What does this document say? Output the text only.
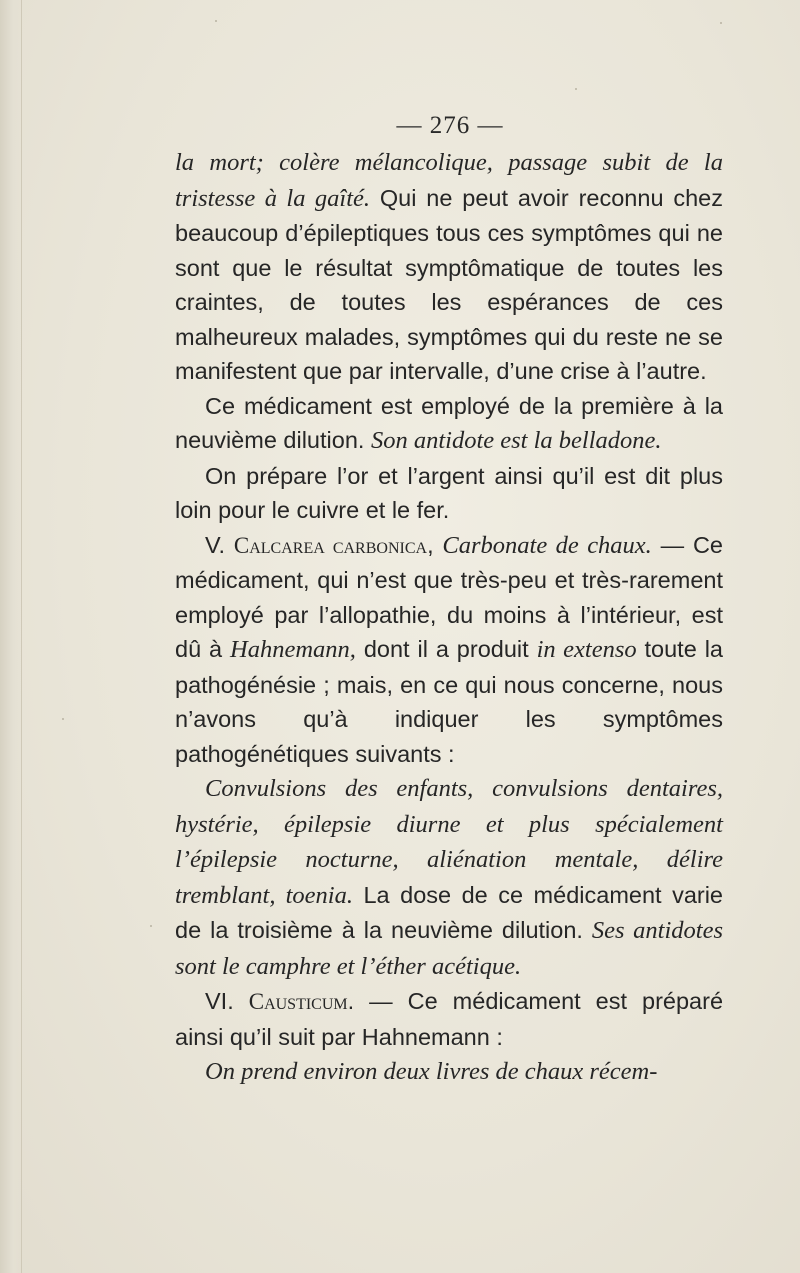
— 276 —

la mort; colère mélancolique, passage subit de la tristesse à la gaîté. Qui ne peut avoir reconnu chez beaucoup d’épileptiques tous ces symptômes qui ne sont que le résultat symptômatique de toutes les craintes, de toutes les espérances de ces malheureux malades, symptômes qui du reste ne se manifestent que par intervalle, d’une crise à l’autre.

Ce médicament est employé de la première à la neuvième dilution. Son antidote est la belladone.

On prépare l’or et l’argent ainsi qu’il est dit plus loin pour le cuivre et le fer.

V. Calcarea carbonica, Carbonate de chaux. — Ce médicament, qui n’est que très-peu et très-rarement employé par l’allopathie, du moins à l’intérieur, est dû à Hahnemann, dont il a produit in extenso toute la pathogénésie ; mais, en ce qui nous concerne, nous n’avons qu’à indiquer les symptômes pathogénétiques suivants :

Convulsions des enfants, convulsions dentaires, hystérie, épilepsie diurne et plus spécialement l’épilepsie nocturne, aliénation mentale, délire tremblant, toenia. La dose de ce médicament varie de la troisième à la neuvième dilution. Ses antidotes sont le camphre et l’éther acétique.

VI. Causticum. — Ce médicament est préparé ainsi qu’il suit par Hahnemann :

On prend environ deux livres de chaux récem-
